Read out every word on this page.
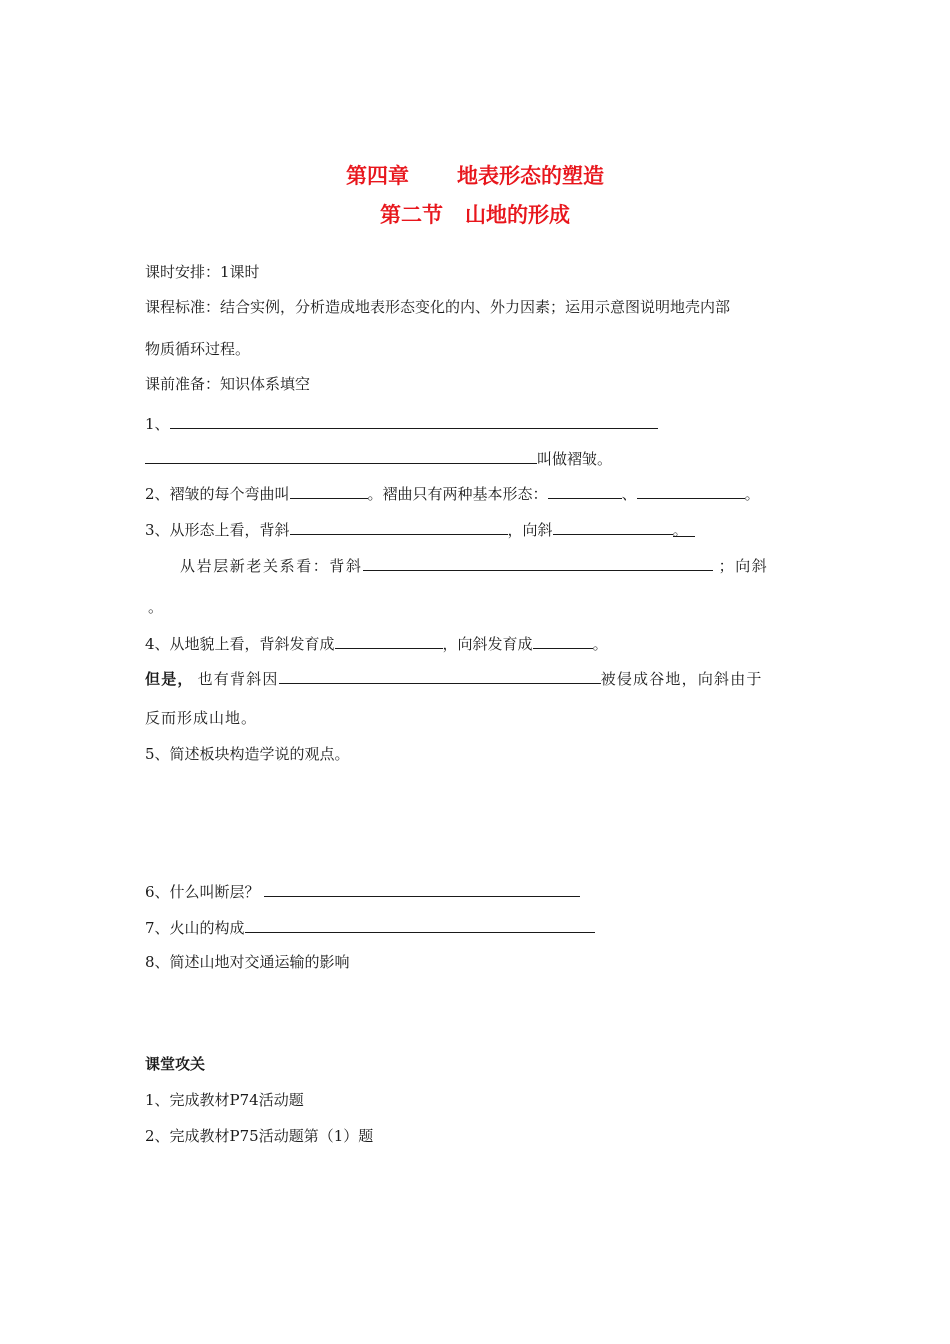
第四章 地表形态的塑造
第二节 山地的形成
课时安排：1课时
课程标准：结合实例，分析造成地表形态变化的内、外力因素；运用示意图说明地壳内部
物质循环过程。
课前准备：知识体系填空
1、
叫做褶皱。
2、褶皱的每个弯曲叫	。褶曲只有两种基本形态：	、	。
3、从形态上看，背斜	，向斜	。
从岩层新老关系看：背斜	；向斜
。
4、从地貌上看，背斜发育成	，向斜发育成	。
但是， 也有背斜因	被侵成谷地，向斜由于
反而形成山地。
5、简述板块构造学说的观点。
6、什么叫断层？
7、火山的构成
8、简述山地对交通运输的影响
课堂攻关
1、完成教材P74活动题
2、完成教材P75活动题第（1）题
